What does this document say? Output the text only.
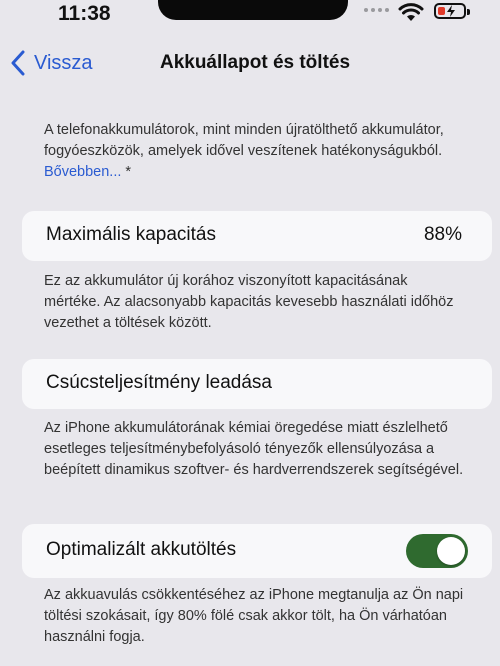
11:38
Vissza	Akkuállapot és töltés
A telefonakkumulátorok, mint minden újratölthető akkumulátor, fogyóeszközök, amelyek idővel veszítenek hatékonyságukból. Bővebben... *
Maximális kapacitás	88%
Ez az akkumulátor új korához viszonyított kapacitásának mértéke. Az alacsonyabb kapacitás kevesebb használati időhöz vezethet a töltések között.
Csúcsteljesítmény leadása
Az iPhone akkumulátorának kémiai öregedése miatt észlelhető esetleges teljesítménybefolyásoló tényezők ellensúlyozása a beépített dinamikus szoftver- és hardverrendszerek segítségével.
Optimalizált akkutöltés
Az akkuavulás csökkentéséhez az iPhone megtanulja az Ön napi töltési szokásait, így 80% fölé csak akkor tölt, ha Ön várhatóan használni fogja.
